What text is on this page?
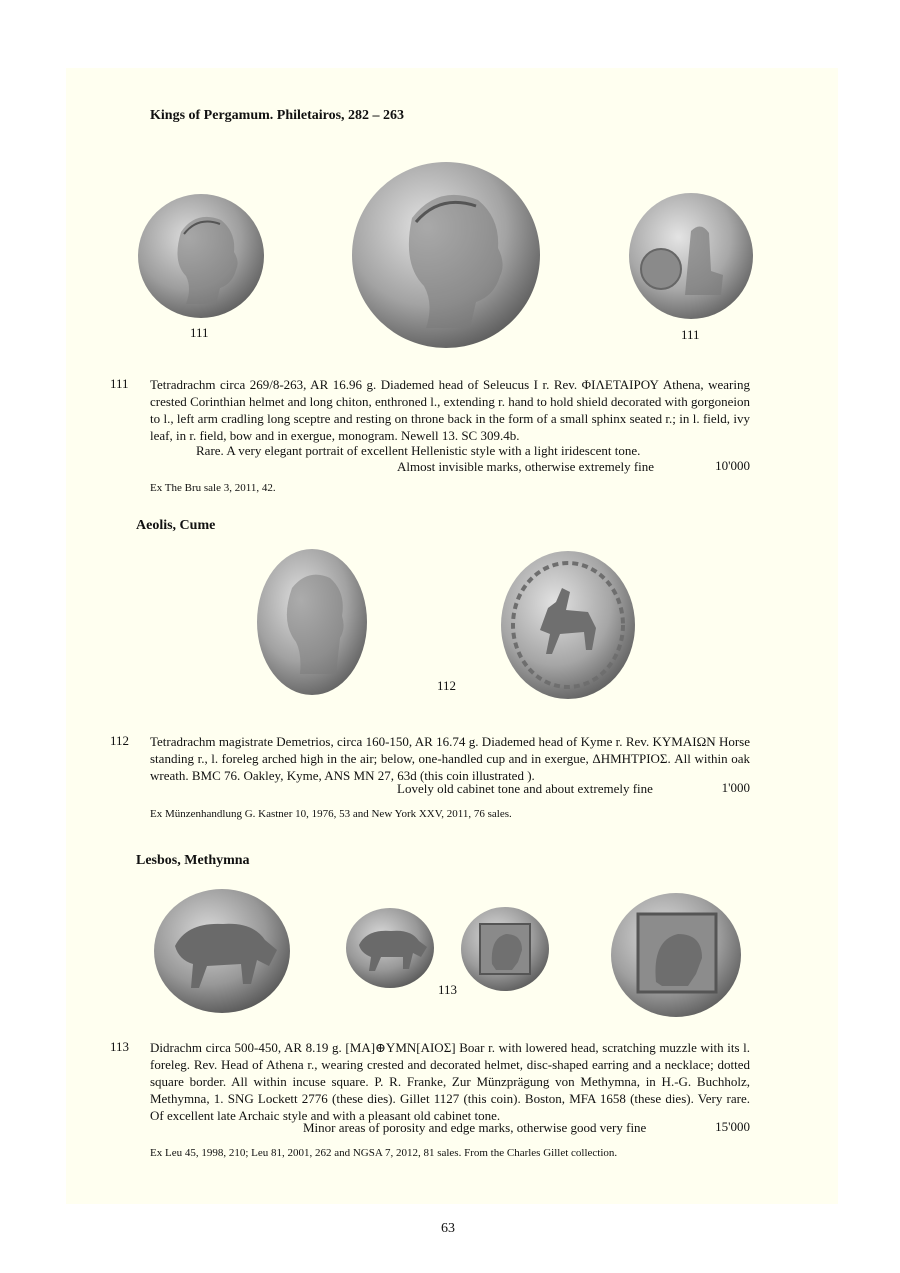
Kings of Pergamum. Philetairos, 282 – 263
111	111
111 Tetradrachm circa 269/8-263, AR 16.96 g. Diademed head of Seleucus I r. Rev. ΦΙΛΕΤΑΙΡΟΥ Athena, wearing crested Corinthian helmet and long chiton, enthroned l., extending r. hand to hold shield decorated with gorgoneion to l., left arm cradling long sceptre and resting on throne back in the form of a small sphinx seated r.; in l. field, ivy leaf, in r. field, bow and in exergue, monogram. Newell 13. SC 309.4b.
Rare. A very elegant portrait of excellent Hellenistic style with a light iridescent tone.
Almost invisible marks, otherwise extremely fine	10'000
Ex The Bru sale 3, 2011, 42.
Aeolis, Cume
112
112 Tetradrachm magistrate Demetrios, circa 160-150, AR 16.74 g. Diademed head of Kyme r. Rev. ΚΥΜΑΙΩΝ Horse standing r., l. foreleg arched high in the air; below, one-handled cup and in exergue, ΔΗΜΗΤΡΙΟΣ. All within oak wreath. BMC 76. Oakley, Kyme, ANS MN 27, 63d (this coin illustrated ).
Lovely old cabinet tone and about extremely fine	1'000
Ex Münzenhandlung G. Kastner 10, 1976, 53 and New York XXV, 2011, 76 sales.
Lesbos, Methymna
113
113 Didrachm circa 500-450, AR 8.19 g. [ΜΑ]⊕ΥΜΝ[ΑΙΟΣ] Boar r. with lowered head, scratching muzzle with its l. foreleg. Rev. Head of Athena r., wearing crested and decorated helmet, disc-shaped earring and a necklace; dotted square border. All within incuse square. P. R. Franke, Zur Münzprägung von Methymna, in H.-G. Buchholz, Methymna, 1. SNG Lockett 2776 (these dies). Gillet 1127 (this coin). Boston, MFA 1658 (these dies). Very rare. Of excellent late Archaic style and with a pleasant old cabinet tone.
Minor areas of porosity and edge marks, otherwise good very fine	15'000
Ex Leu 45, 1998, 210; Leu 81, 2001, 262 and NGSA 7, 2012, 81 sales. From the Charles Gillet collection.
63
